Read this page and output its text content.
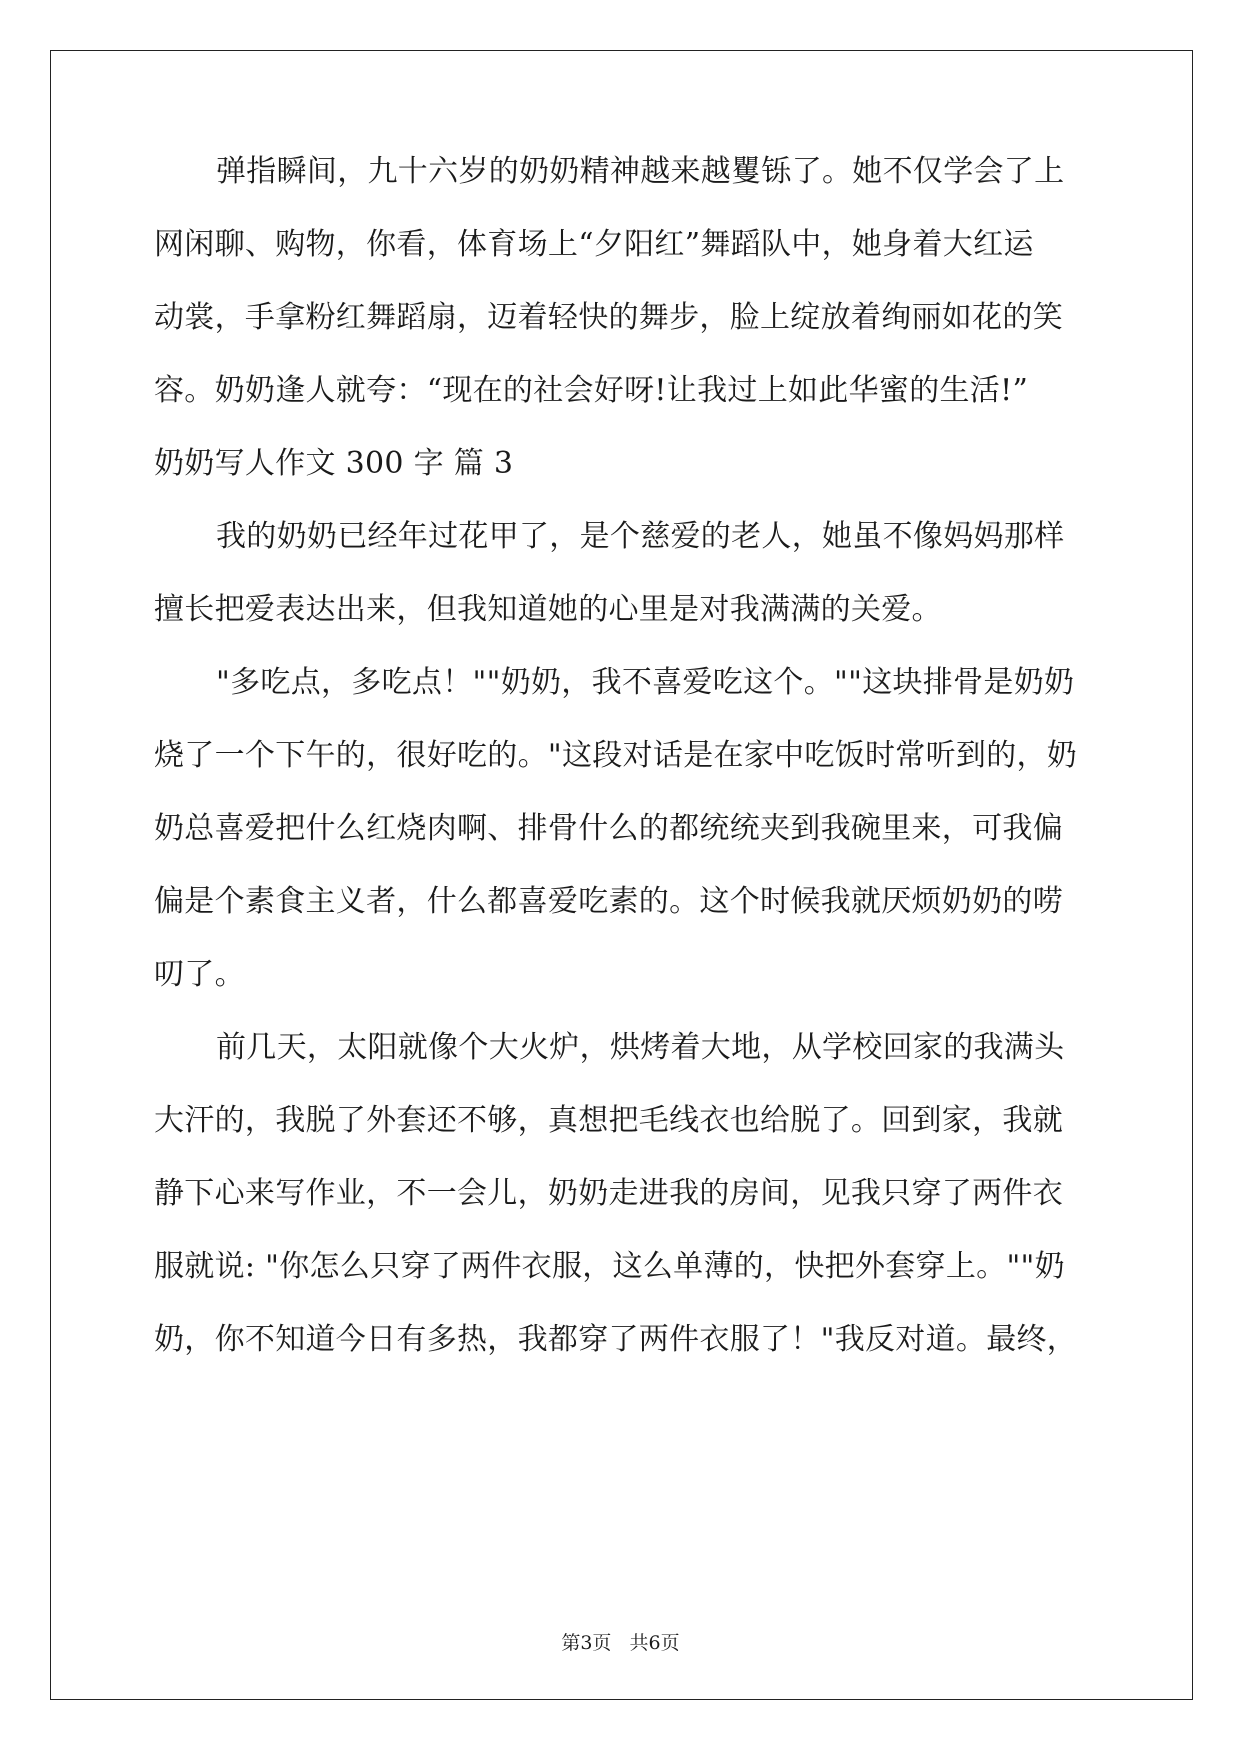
弹指瞬间，九十六岁的奶奶精神越来越矍铄了。她不仅学会了上
网闲聊、购物，你看，体育场上“夕阳红”舞蹈队中，她身着大红运
动裳，手拿粉红舞蹈扇，迈着轻快的舞步，脸上绽放着绚丽如花的笑
容。奶奶逢人就夸：“现在的社会好呀!让我过上如此华蜜的生活!”
奶奶写人作文 300 字 篇 3
我的奶奶已经年过花甲了，是个慈爱的老人，她虽不像妈妈那样
擅长把爱表达出来，但我知道她的心里是对我满满的关爱。
"多吃点，多吃点！""奶奶，我不喜爱吃这个。""这块排骨是奶奶
烧了一个下午的，很好吃的。"这段对话是在家中吃饭时常听到的，奶
奶总喜爱把什么红烧肉啊、排骨什么的都统统夹到我碗里来，可我偏
偏是个素食主义者，什么都喜爱吃素的。这个时候我就厌烦奶奶的唠
叨了。
前几天，太阳就像个大火炉，烘烤着大地，从学校回家的我满头
大汗的，我脱了外套还不够，真想把毛线衣也给脱了。回到家，我就
静下心来写作业，不一会儿，奶奶走进我的房间，见我只穿了两件衣
服就说: "你怎么只穿了两件衣服，这么单薄的，快把外套穿上。""奶
奶，你不知道今日有多热，我都穿了两件衣服了！"我反对道。最终，
第3页   共6页
